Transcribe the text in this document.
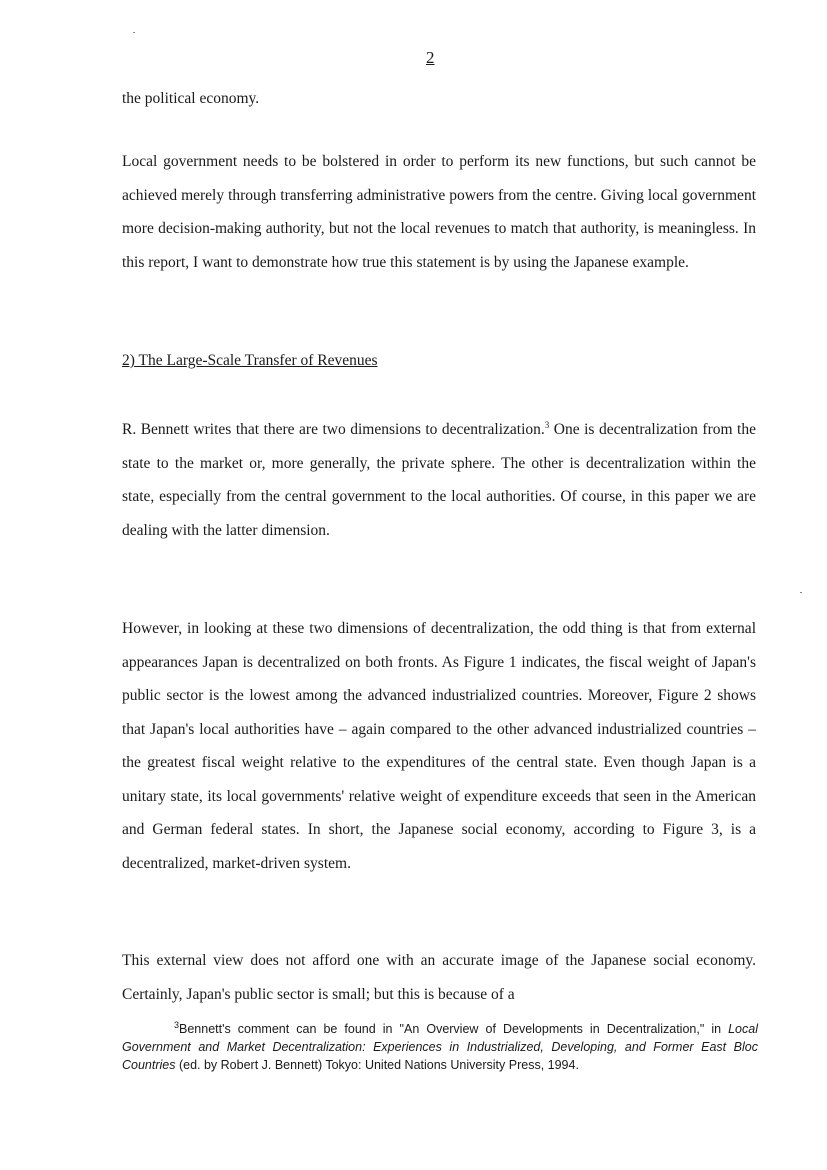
2

the political economy.

Local government needs to be bolstered in order to perform its new functions, but such cannot be achieved merely through transferring administrative powers from the centre. Giving local government more decision-making authority, but not the local revenues to match that authority, is meaningless. In this report, I want to demonstrate how true this statement is by using the Japanese example.

2) The Large-Scale Transfer of Revenues

R. Bennett writes that there are two dimensions to decentralization.$^3$ One is decentralization from the state to the market or, more generally, the private sphere. The other is decentralization within the state, especially from the central government to the local authorities. Of course, in this paper we are dealing with the latter dimension.

However, in looking at these two dimensions of decentralization, the odd thing is that from external appearances Japan is decentralized on both fronts. As Figure 1 indicates, the fiscal weight of Japan's public sector is the lowest among the advanced industrialized countries. Moreover, Figure 2 shows that Japan's local authorities have – again compared to the other advanced industrialized countries – the greatest fiscal weight relative to the expenditures of the central state. Even though Japan is a unitary state, its local governments' relative weight of expenditure exceeds that seen in the American and German federal states. In short, the Japanese social economy, according to Figure 3, is a decentralized, market-driven system.

This external view does not afford one with an accurate image of the Japanese social economy. Certainly, Japan's public sector is small; but this is because of a

$^3$Bennett's comment can be found in "An Overview of Developments in Decentralization," in Local Government and Market Decentralization: Experiences in Industrialized, Developing, and Former East Bloc Countries (ed. by Robert J. Bennett) Tokyo: United Nations University Press, 1994.
